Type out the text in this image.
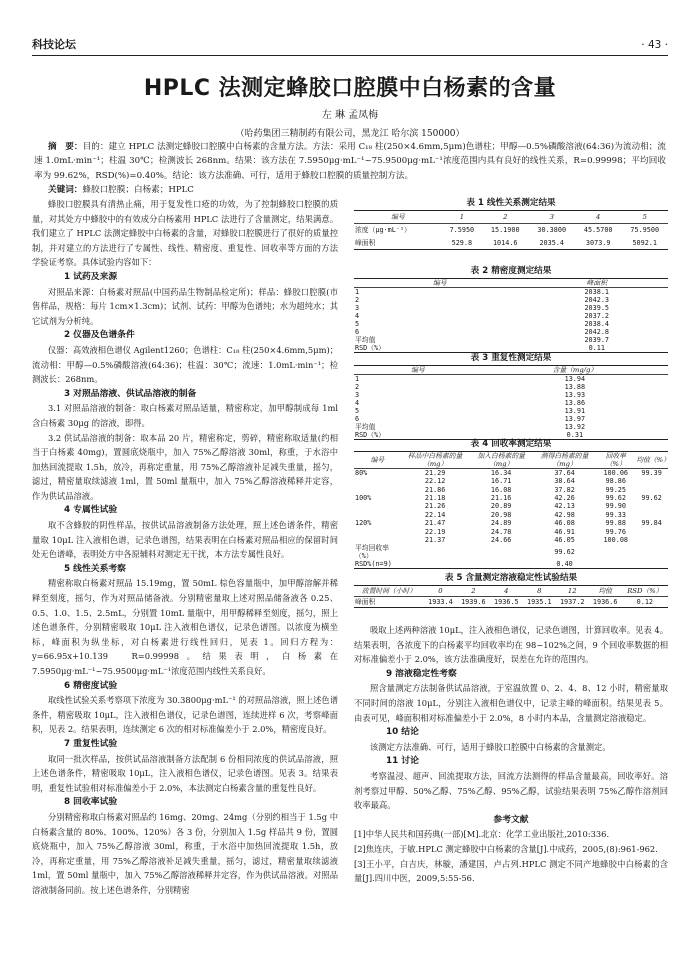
科技论坛	· 43 ·
HPLC 法测定蜂胶口腔膜中白杨素的含量
左 琳 孟凤梅
（哈药集团三精制药有限公司，黑龙江 哈尔滨 150000）
摘　要：目的：建立 HPLC 法测定蜂胶口腔膜中白杨素的含量方法。方法：采用 C₁₈ 柱(250×4.6mm,5μm)色谱柱；甲醇—0.5%磷酸溶液(64:36)为流动相；流速 1.0mL·min⁻¹；柱温 30℃；检测波长 268nm。结果：该方法在 7.5950μg·mL⁻¹~75.9500μg·mL⁻¹浓度范围内具有良好的线性关系，R=0.99998；平均回收率为 99.62%，RSD(%)=0.40%。结论：该方法准确、可行，适用于蜂胶口腔膜的质量控制方法。
关键词：蜂胶口腔膜；白杨素；HPLC

蜂胶口腔膜具有清热止痛，用于复发性口疮的功效，为了控制蜂胶口腔膜的质量，对其处方中蜂胶中的有效成分白杨素用 HPLC 法进行了含量测定，结果满意。我们建立了 HPLC 法测定蜂胶中白杨素的含量，对蜂胶口腔膜进行了很好的质量控制，并对建立的方法进行了专属性、线性、精密度、重复性、回收率等方面的方法学验证考察。具体试验内容如下：

1 试药及来源

对照品来源：白杨素对照品(中国药品生物制品检定所)；样品：蜂胶口腔膜(市售样品，规格：每片 1cm×1.3cm)；试剂、试药：甲醇为色谱纯；水为超纯水；其它试剂为分析纯。

2 仪器及色谱条件

仪器：高效液相色谱仪 Agilent1260；色谱柱：C₁₈ 柱(250×4.6mm,5μm)；流动相：甲醇—0.5%磷酸溶液(64:36)；柱温：30℃；流速：1.0mL·min⁻¹；检测波长：268nm。

3 对照品溶液、供试品溶液的制备

3.1 对照品溶液的制备：取白杨素对照品适量，精密称定，加甲醇制成每 1ml 含白杨素 30μg 的溶液，即得。

3.2 供试品溶液的制备：取本品 20 片，精密称定，剪碎，精密称取适量(约相当于白杨素 40mg)，置圆底烧瓶中，加入 75%乙醇溶液 30ml，称重，于水浴中加热回流提取 1.5h，放冷，再称定重量，用 75%乙醇溶液补足减失重量，摇匀，滤过，精密量取续滤液 1ml，置 50ml 量瓶中，加入 75%乙醇溶液稀释并定容，作为供试品溶液。

4 专属性试验

取不含蜂胶的阴性样品，按供试品溶液制备方法处理，照上述色谱条件，精密量取 10μL 注入液相色谱，记录色谱图，结果表明在白杨素对照品相应的保留时间处无色谱峰，表明处方中各原辅料对测定无干扰，本方法专属性良好。

5 线性关系考察

精密称取白杨素对照品 15.19mg，置 50mL 棕色容量瓶中，加甲醇溶解并稀释至刻度，摇匀，作为对照品储备液。分别精密量取上述对照品储备液各 0.25、0.5、1.0、1.5、2.5mL，分别置 10mL 量瓶中，用甲醇稀释至刻度，摇匀，照上述色谱条件，分别精密吸取 10μL 注入液相色谱仪，记录色谱图。以浓度为横坐标，峰面积为纵坐标，对白杨素进行线性回归，见表 1。回归方程为：y=66.95x+10.139　R=0.99998。结果表明，白杨素在 7.5950μg·mL⁻¹~75.9500μg·mL⁻¹浓度范围内线性关系良好。

6 精密度试验

取线性试验关系考察项下浓度为 30.3800μg·mL⁻¹ 的对照品溶液，照上述色谱条件，精密吸取 10μL，注入液相色谱仪，记录色谱图，连续进样 6 次，考察峰面积，见表 2。结果表明，连续测定 6 次的相对标准偏差小于 2.0%，精密度良好。

7 重复性试验

取同一批次样品，按供试品溶液制备方法配制 6 份相同浓度的供试品溶液，照上述色谱条件，精密吸取 10μL，注入液相色谱仪，记录色谱图。见表 3。结果表明，重复性试验相对标准偏差小于 2.0%，本法测定白杨素含量的重复性良好。

8 回收率试验

分别精密称取白杨素对照品约 16mg、20mg、24mg（分别约相当于 1.5g 中白杨素含量的 80%、100%、120%）各 3 份，分别加入 1.5g 样品共 9 份，置圆底烧瓶中，加入 75%乙醇溶液 30ml，称重，于水浴中加热回流提取 1.5h，放冷，再称定重量，用 75%乙醇溶液补足减失重量，摇匀，滤过，精密量取续滤液 1ml，置 50ml 量瓶中，加入 75%乙醇溶液稀释并定容，作为供试品溶液。对照品溶液制备同前。按上述色谱条件，分别精密

表 1 线性关系测定结果
编号	1	2	3	4	5
浓度（μg·mL⁻¹）	7.5950	15.1900	30.3800	45.5700	75.9500
峰面积	529.8	1014.6	2035.4	3073.9	5092.1
表 2 精密度测定结果
编号	峰面积
1	2038.1
2	2042.3
3	2039.5
4	2037.2
5	2038.4
6	2042.8
平均值	2039.7
RSD（%）	0.11
表 3 重复性测定结果
编号	含量（mg/g）
1	13.94
2	13.88
3	13.93
4	13.86
5	13.91
6	13.97
平均值	13.92
RSD（%）	0.31
表 4 回收率测定结果
编号	样品中白杨素的量（mg）	加入白杨素的量（mg）	测得白杨素的量（mg）	回收率（%）	均值（%）
80%	21.29	16.34	37.64	100.06	99.39
	22.12	16.71	38.64	98.86	
	21.86	16.08	37.82	99.25	
100%	21.18	21.16	42.26	99.62	99.62
	21.26	20.89	42.13	99.90	
	22.14	20.98	42.98	99.33	
120%	21.47	24.89	46.08	99.88	99.84
	22.19	24.78	46.91	99.76	
	21.37	24.66	46.05	100.08	
平均回收率（%）			99.62		
RSD%(n=9)			0.40		
表 5 含量测定溶液稳定性试验结果
放置时间（小时）	0	2	4	8	12	均值	RSD（%）
峰面积	1933.4	1939.6	1936.5	1935.1	1937.2	1936.6	0.12

吸取上述两种溶液 10μL，注入液相色谱仪，记录色谱图，计算回收率。见表 4。结果表明，各浓度下的白杨素平均回收率均在 98~102%之间，9 个回收率数据的相对标准偏差小于 2.0%，该方法准确度好，误差在允许的范围内。

9 溶液稳定性考察

照含量测定方法制备供试品溶液，于室温放置 0、2、4、8、12 小时，精密量取不同时间的溶液 10μL，分别注入液相色谱仪中，记录主峰的峰面积。结果见表 5。由表可见，峰面积相对标准偏差小于 2.0%，8 小时内本品，含量测定溶液稳定。

10 结论

该测定方法准确、可行，适用于蜂胶口腔膜中白杨素的含量测定。

11 讨论

考察温浸、超声、回流提取方法，回流方法测得的样品含量最高，回收率好。溶剂考察过甲醇、50%乙醇、75%乙醇、95%乙醇，试验结果表明 75%乙醇作溶剂回收率最高。

参考文献

[1]中华人民共和国药典(一部)[M].北京：化学工业出版社,2010:336.

[2]焦连庆，于敏.HPLC 测定蜂胶中白杨素的含量[J].中成药，2005,(8):961-962.

[3]王小平，白吉庆，林璇，潘建国，卢占列.HPLC 测定不同产地蜂胶中白杨素的含量[J].四川中医，2009,5:55-56.
